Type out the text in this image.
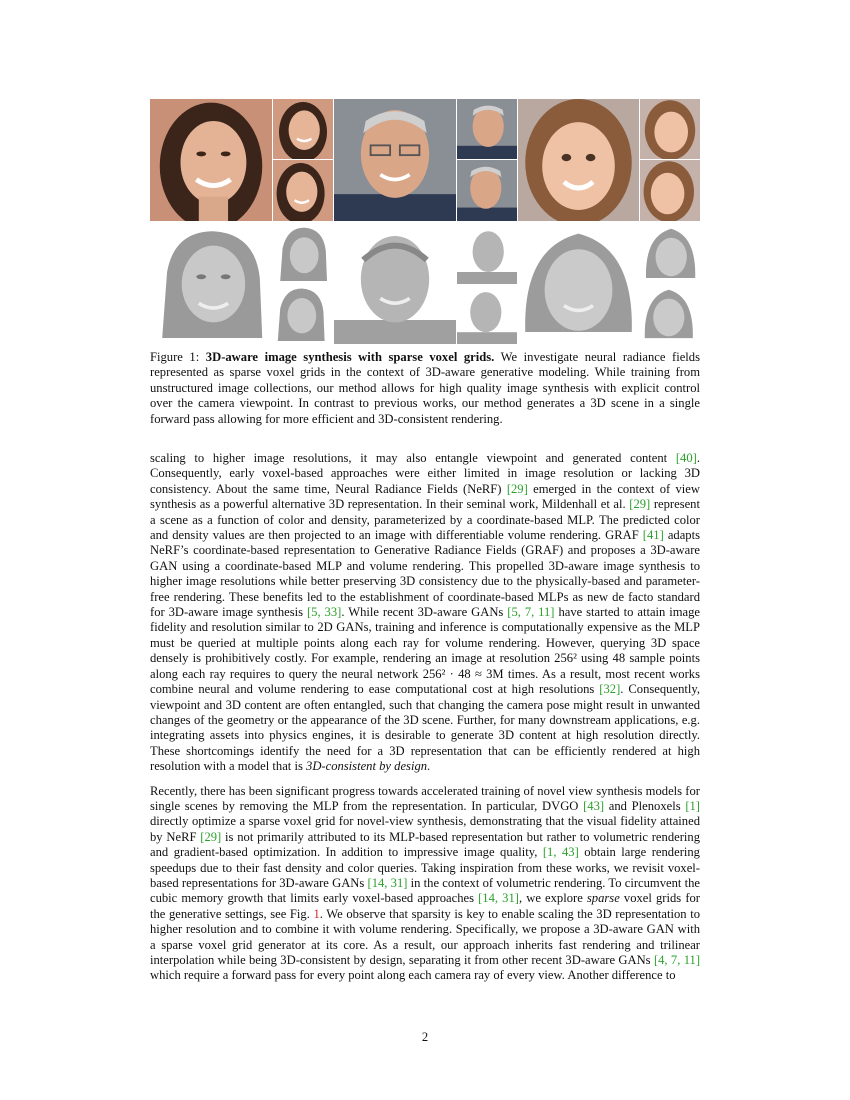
Figure 1: 3D-aware image synthesis with sparse voxel grids. We investigate neural radiance fields represented as sparse voxel grids in the context of 3D-aware generative modeling. While training from unstructured image collections, our method allows for high quality image synthesis with explicit control over the camera viewpoint. In contrast to previous works, our method generates a 3D scene in a single forward pass allowing for more efficient and 3D-consistent rendering.

scaling to higher image resolutions, it may also entangle viewpoint and generated content [40]. Consequently, early voxel-based approaches were either limited in image resolution or lacking 3D consistency. About the same time, Neural Radiance Fields (NeRF) [29] emerged in the context of view synthesis as a powerful alternative 3D representation. In their seminal work, Mildenhall et al. [29] represent a scene as a function of color and density, parameterized by a coordinate-based MLP. The predicted color and density values are then projected to an image with differentiable volume rendering. GRAF [41] adapts NeRF’s coordinate-based representation to Generative Radiance Fields (GRAF) and proposes a 3D-aware GAN using a coordinate-based MLP and volume rendering. This propelled 3D-aware image synthesis to higher image resolutions while better preserving 3D consistency due to the physically-based and parameter-free rendering. These benefits led to the establishment of coordinate-based MLPs as new de facto standard for 3D-aware image synthesis [5, 33]. While recent 3D-aware GANs [5, 7, 11] have started to attain image fidelity and resolution similar to 2D GANs, training and inference is computationally expensive as the MLP must be queried at multiple points along each ray for volume rendering. However, querying 3D space densely is prohibitively costly. For example, rendering an image at resolution 256² using 48 sample points along each ray requires to query the neural network 256² · 48 ≈ 3M times. As a result, most recent works combine neural and volume rendering to ease computational cost at high resolutions [32]. Consequently, viewpoint and 3D content are often entangled, such that changing the camera pose might result in unwanted changes of the geometry or the appearance of the 3D scene. Further, for many downstream applications, e.g. integrating assets into physics engines, it is desirable to generate 3D content at high resolution directly. These shortcomings identify the need for a 3D representation that can be efficiently rendered at high resolution with a model that is 3D-consistent by design.

Recently, there has been significant progress towards accelerated training of novel view synthesis models for single scenes by removing the MLP from the representation. In particular, DVGO [43] and Plenoxels [1] directly optimize a sparse voxel grid for novel-view synthesis, demonstrating that the visual fidelity attained by NeRF [29] is not primarily attributed to its MLP-based representation but rather to volumetric rendering and gradient-based optimization. In addition to impressive image quality, [1, 43] obtain large rendering speedups due to their fast density and color queries. Taking inspiration from these works, we revisit voxel-based representations for 3D-aware GANs [14, 31] in the context of volumetric rendering. To circumvent the cubic memory growth that limits early voxel-based approaches [14, 31], we explore sparse voxel grids for the generative settings, see Fig. 1. We observe that sparsity is key to enable scaling the 3D representation to higher resolution and to combine it with volume rendering. Specifically, we propose a 3D-aware GAN with a sparse voxel grid generator at its core. As a result, our approach inherits fast rendering and trilinear interpolation while being 3D-consistent by design, separating it from other recent 3D-aware GANs [4, 7, 11] which require a forward pass for every point along each camera ray of every view. Another difference to

2
